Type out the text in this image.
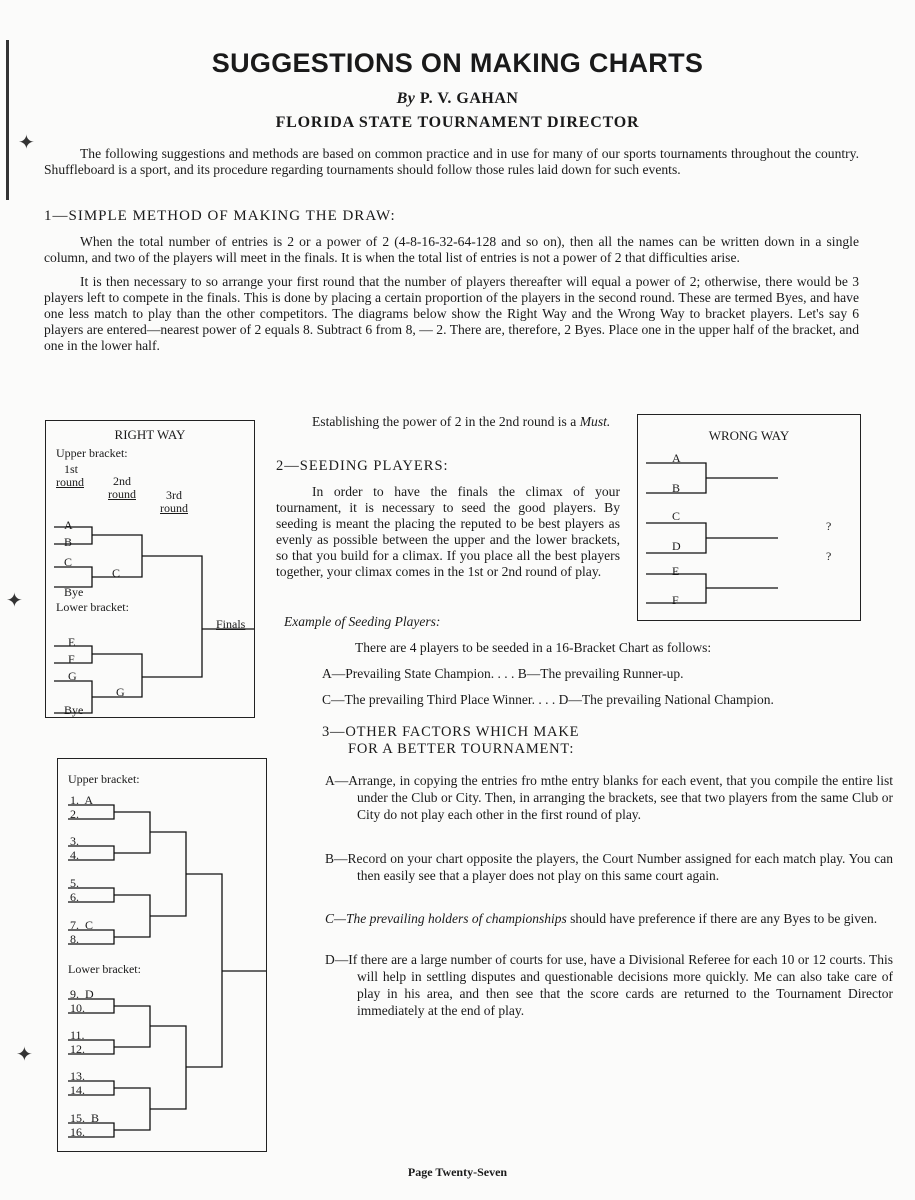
✦
✦
✦
SUGGESTIONS ON MAKING CHARTS
By P. V. GAHAN
FLORIDA STATE TOURNAMENT DIRECTOR

The following suggestions and methods are based on common practice and in use for many of our sports tournaments throughout the country. Shuffleboard is a sport, and its procedure regarding tournaments should follow those rules laid down for such events.

1—SIMPLE METHOD OF MAKING THE DRAW:

When the total number of entries is 2 or a power of 2 (4-8-16-32-64-128 and so on), then all the names can be written down in a single column, and two of the players will meet in the finals. It is when the total list of entries is not a power of 2 that difficulties arise.

It is then necessary to so arrange your first round that the number of players thereafter will equal a power of 2; otherwise, there would be 3 players left to compete in the finals. This is done by placing a certain proportion of the players in the second round. These are termed Byes, and have one less match to play than the other competitors. The diagrams below show the Right Way and the Wrong Way to bracket players. Let's say 6 players are entered—nearest power of 2 equals 8. Subtract 6 from 8, — 2. There are, therefore, 2 Byes. Place one in the upper half of the bracket, and one in the lower half.

RIGHT WAY
Upper bracket:
1st
round	2nd
round	3rd
round
Lower bracket:
A
B
C
Bye
E
F
G
Bye
C
G
Finals

Establishing the power of 2 in the 2nd round is a Must.

2—SEEDING PLAYERS:

In order to have the finals the climax of your tournament, it is necessary to seed the good players. By seeding is meant the placing the reputed to be best players as evenly as possible between the upper and the lower brackets, so that you build for a climax. If you place all the best players together, your climax comes in the 1st or 2nd round of play.

WRONG WAY
A
B
C
D
E
F
?
?
Example of Seeding Players:
There are 4 players to be seeded in a 16-Bracket Chart as follows:
A—Prevailing State Champion. . . . B—The prevailing Runner-up.
C—The prevailing Third Place Winner. . . . D—The prevailing National Champion.
3—OTHER FACTORS WHICH MAKE
FOR A BETTER TOURNAMENT:
A—Arrange, in copying the entries fro mthe entry blanks for each event, that you compile the entire list under the Club or City. Then, in arranging the brackets, see that two players from the same Club or City do not play each other in the first round of play.
B—Record on your chart opposite the players, the Court Number assigned for each match play. You can then easily see that a player does not play on this same court again.
C—The prevailing holders of championships should have preference if there are any Byes to be given.
D—If there are a large number of courts for use, have a Divisional Referee for each 10 or 12 courts. This will help in settling disputes and questionable decisions more quickly. Me can also take care of play in his area, and then see that the score cards are returned to the Tournament Director immediately at the end of play.
Upper bracket:
Lower bracket:
1.  A
2.
3.
4.
5.
6.
7.  C
8.
9.  D
10.
11.
12.
13.
14.
15.  B
16.
Page Twenty-Seven
